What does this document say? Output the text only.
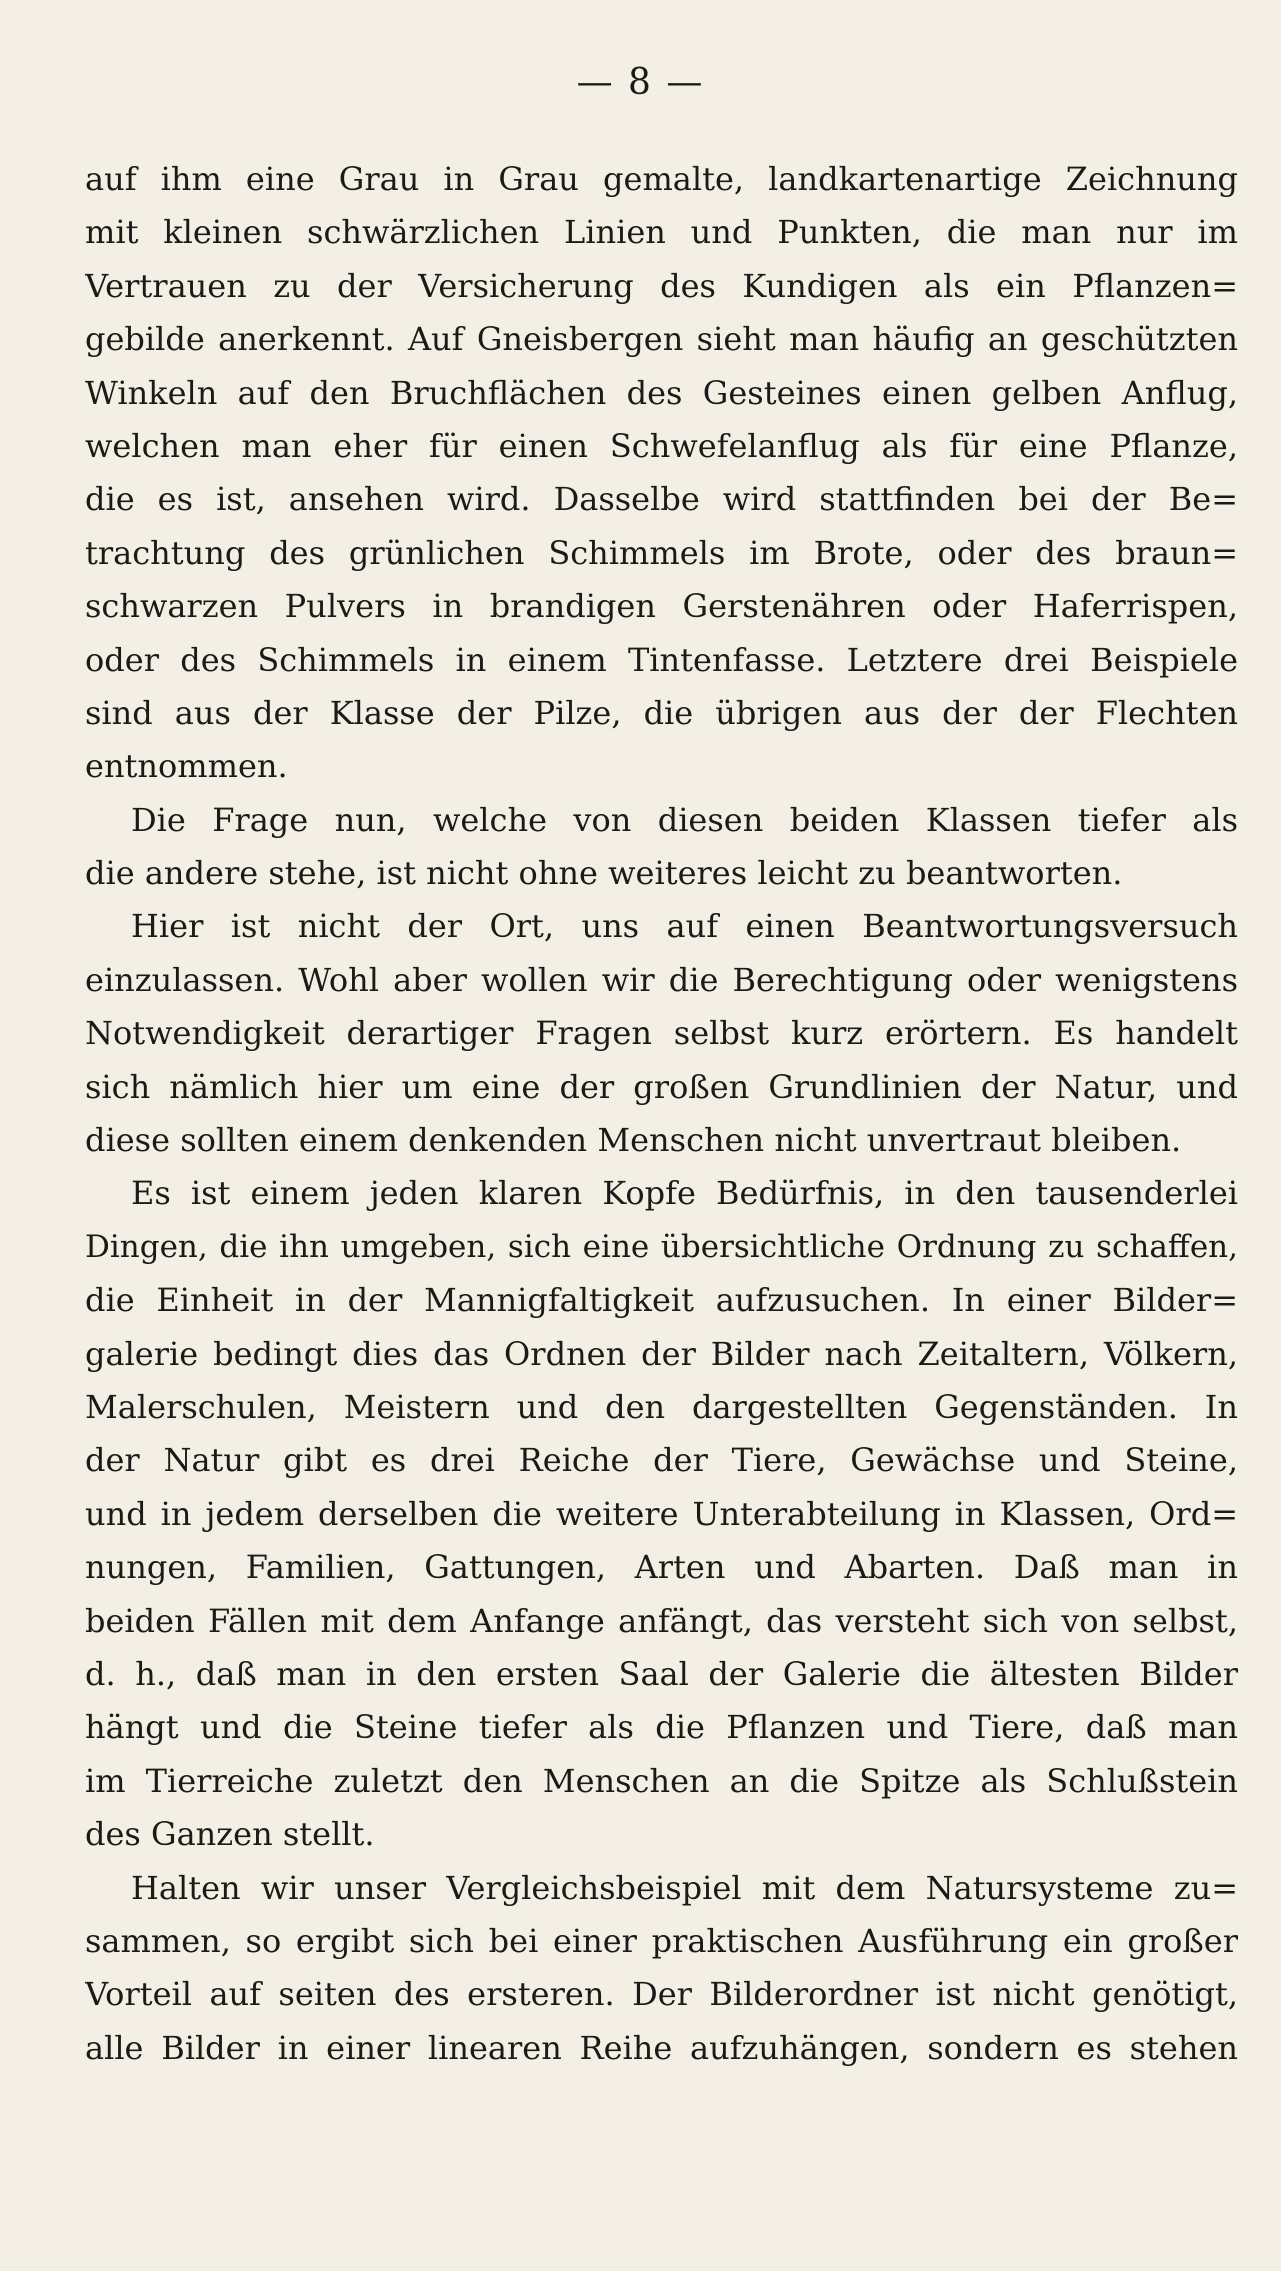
— 8 —
auf ihm eine Grau in Grau gemalte, landkartenartige Zeichnung
mit kleinen schwärzlichen Linien und Punkten, die man nur im
Vertrauen zu der Versicherung des Kundigen als ein Pflanzen=
gebilde anerkennt. Auf Gneisbergen sieht man häufig an geschützten
Winkeln auf den Bruchflächen des Gesteines einen gelben Anflug,
welchen man eher für einen Schwefelanflug als für eine Pflanze,
die es ist, ansehen wird. Dasselbe wird stattfinden bei der Be=
trachtung des grünlichen Schimmels im Brote, oder des braun=
schwarzen Pulvers in brandigen Gerstenähren oder Haferrispen,
oder des Schimmels in einem Tintenfasse. Letztere drei Beispiele
sind aus der Klasse der Pilze, die übrigen aus der der Flechten
entnommen.
Die Frage nun, welche von diesen beiden Klassen tiefer als
die andere stehe, ist nicht ohne weiteres leicht zu beantworten.
Hier ist nicht der Ort, uns auf einen Beantwortungsversuch
einzulassen. Wohl aber wollen wir die Berechtigung oder wenigstens
Notwendigkeit derartiger Fragen selbst kurz erörtern. Es handelt
sich nämlich hier um eine der großen Grundlinien der Natur, und
diese sollten einem denkenden Menschen nicht unvertraut bleiben.
Es ist einem jeden klaren Kopfe Bedürfnis, in den tausenderlei
Dingen, die ihn umgeben, sich eine übersichtliche Ordnung zu schaffen,
die Einheit in der Mannigfaltigkeit aufzusuchen. In einer Bilder=
galerie bedingt dies das Ordnen der Bilder nach Zeitaltern, Völkern,
Malerschulen, Meistern und den dargestellten Gegenständen. In
der Natur gibt es drei Reiche der Tiere, Gewächse und Steine,
und in jedem derselben die weitere Unterabteilung in Klassen, Ord=
nungen, Familien, Gattungen, Arten und Abarten. Daß man in
beiden Fällen mit dem Anfange anfängt, das versteht sich von selbst,
d. h., daß man in den ersten Saal der Galerie die ältesten Bilder
hängt und die Steine tiefer als die Pflanzen und Tiere, daß man
im Tierreiche zuletzt den Menschen an die Spitze als Schlußstein
des Ganzen stellt.
Halten wir unser Vergleichsbeispiel mit dem Natursysteme zu=
sammen, so ergibt sich bei einer praktischen Ausführung ein großer
Vorteil auf seiten des ersteren. Der Bilderordner ist nicht genötigt,
alle Bilder in einer linearen Reihe aufzuhängen, sondern es stehen
